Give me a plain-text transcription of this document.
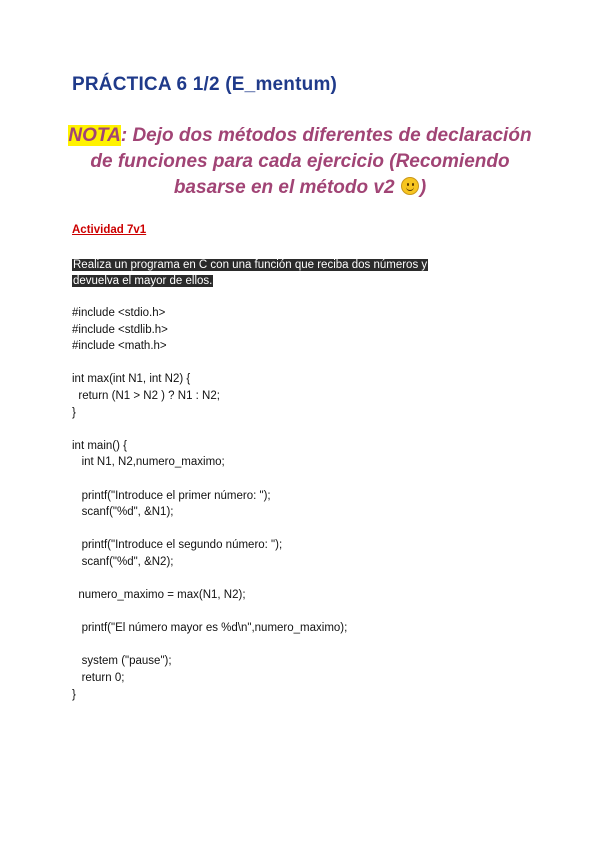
PRÁCTICA 6 1/2 (E_mentum)
NOTA: Dejo dos métodos diferentes de declaración de funciones para cada ejercicio (Recomiendo basarse en el método v2
)
Actividad 7v1
Realiza un programa en C con una función que reciba dos números y
devuelva el mayor de ellos.
#include <stdio.h>
#include <stdlib.h>
#include <math.h>
int max(int N1, int N2) {
return (N1 > N2 ) ? N1 : N2;
}
int main() {
int N1, N2,numero_maximo;
printf("Introduce el primer número: ");
scanf("%d", &N1);
printf("Introduce el segundo número: ");
scanf("%d", &N2);
numero_maximo = max(N1, N2);
printf("El número mayor es %d\n",numero_maximo);
system ("pause");
return 0;
}
